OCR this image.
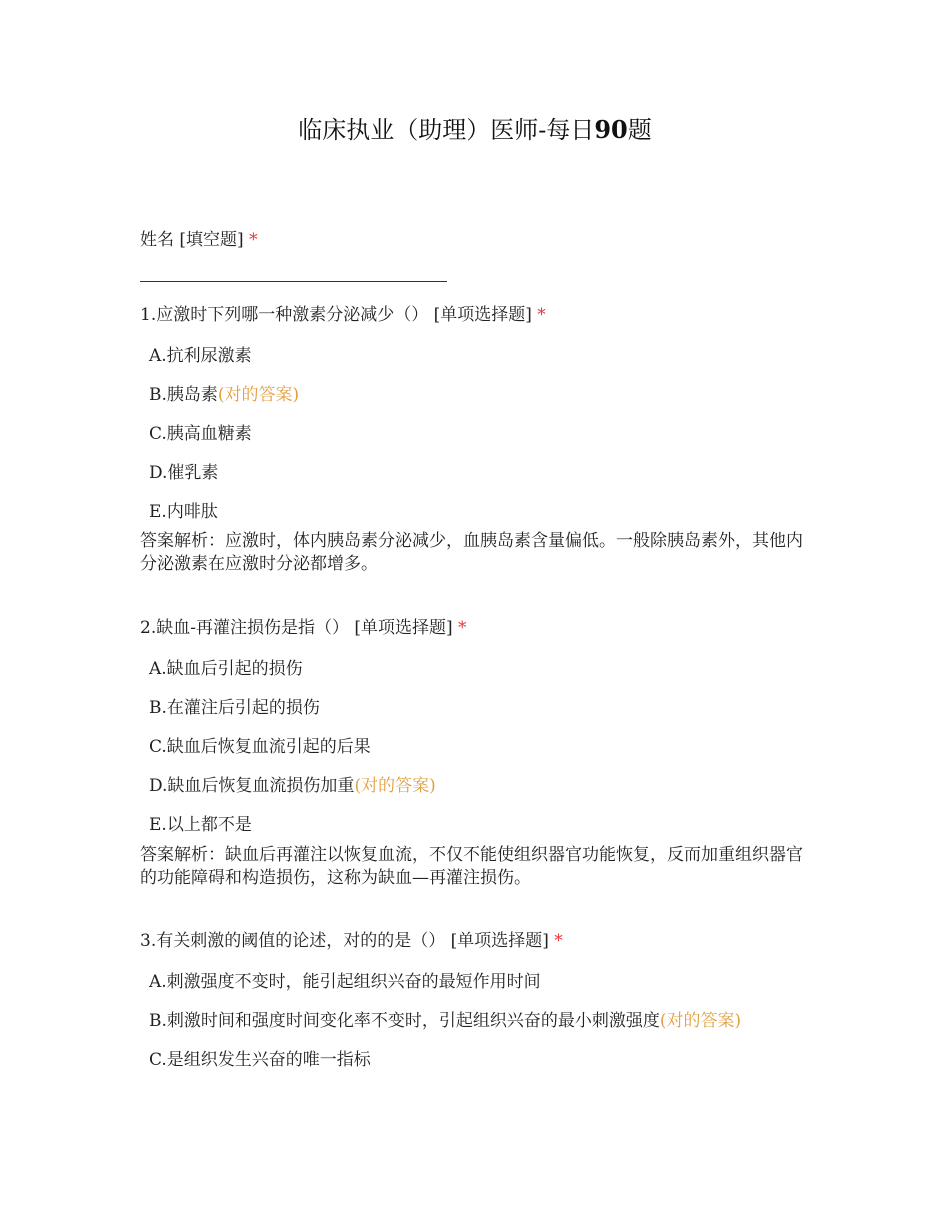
临床执业（助理）医师-每日90题
姓名 [填空题] *
1.应激时下列哪一种激素分泌减少（） [单项选择题] *
A.抗利尿激素
B.胰岛素(对的答案)
C.胰高血糖素
D.催乳素
E.内啡肽
答案解析：应激时，体内胰岛素分泌减少，血胰岛素含量偏低。一般除胰岛素外，其他内分泌激素在应激时分泌都增多。
2.缺血-再灌注损伤是指（） [单项选择题] *
A.缺血后引起的损伤
B.在灌注后引起的损伤
C.缺血后恢复血流引起的后果
D.缺血后恢复血流损伤加重(对的答案)
E.以上都不是
答案解析：缺血后再灌注以恢复血流，不仅不能使组织器官功能恢复，反而加重组织器官的功能障碍和构造损伤，这称为缺血—再灌注损伤。
3.有关刺激的阈值的论述，对的的是（） [单项选择题] *
A.刺激强度不变时，能引起组织兴奋的最短作用时间
B.刺激时间和强度时间变化率不变时，引起组织兴奋的最小刺激强度(对的答案)
C.是组织发生兴奋的唯一指标
